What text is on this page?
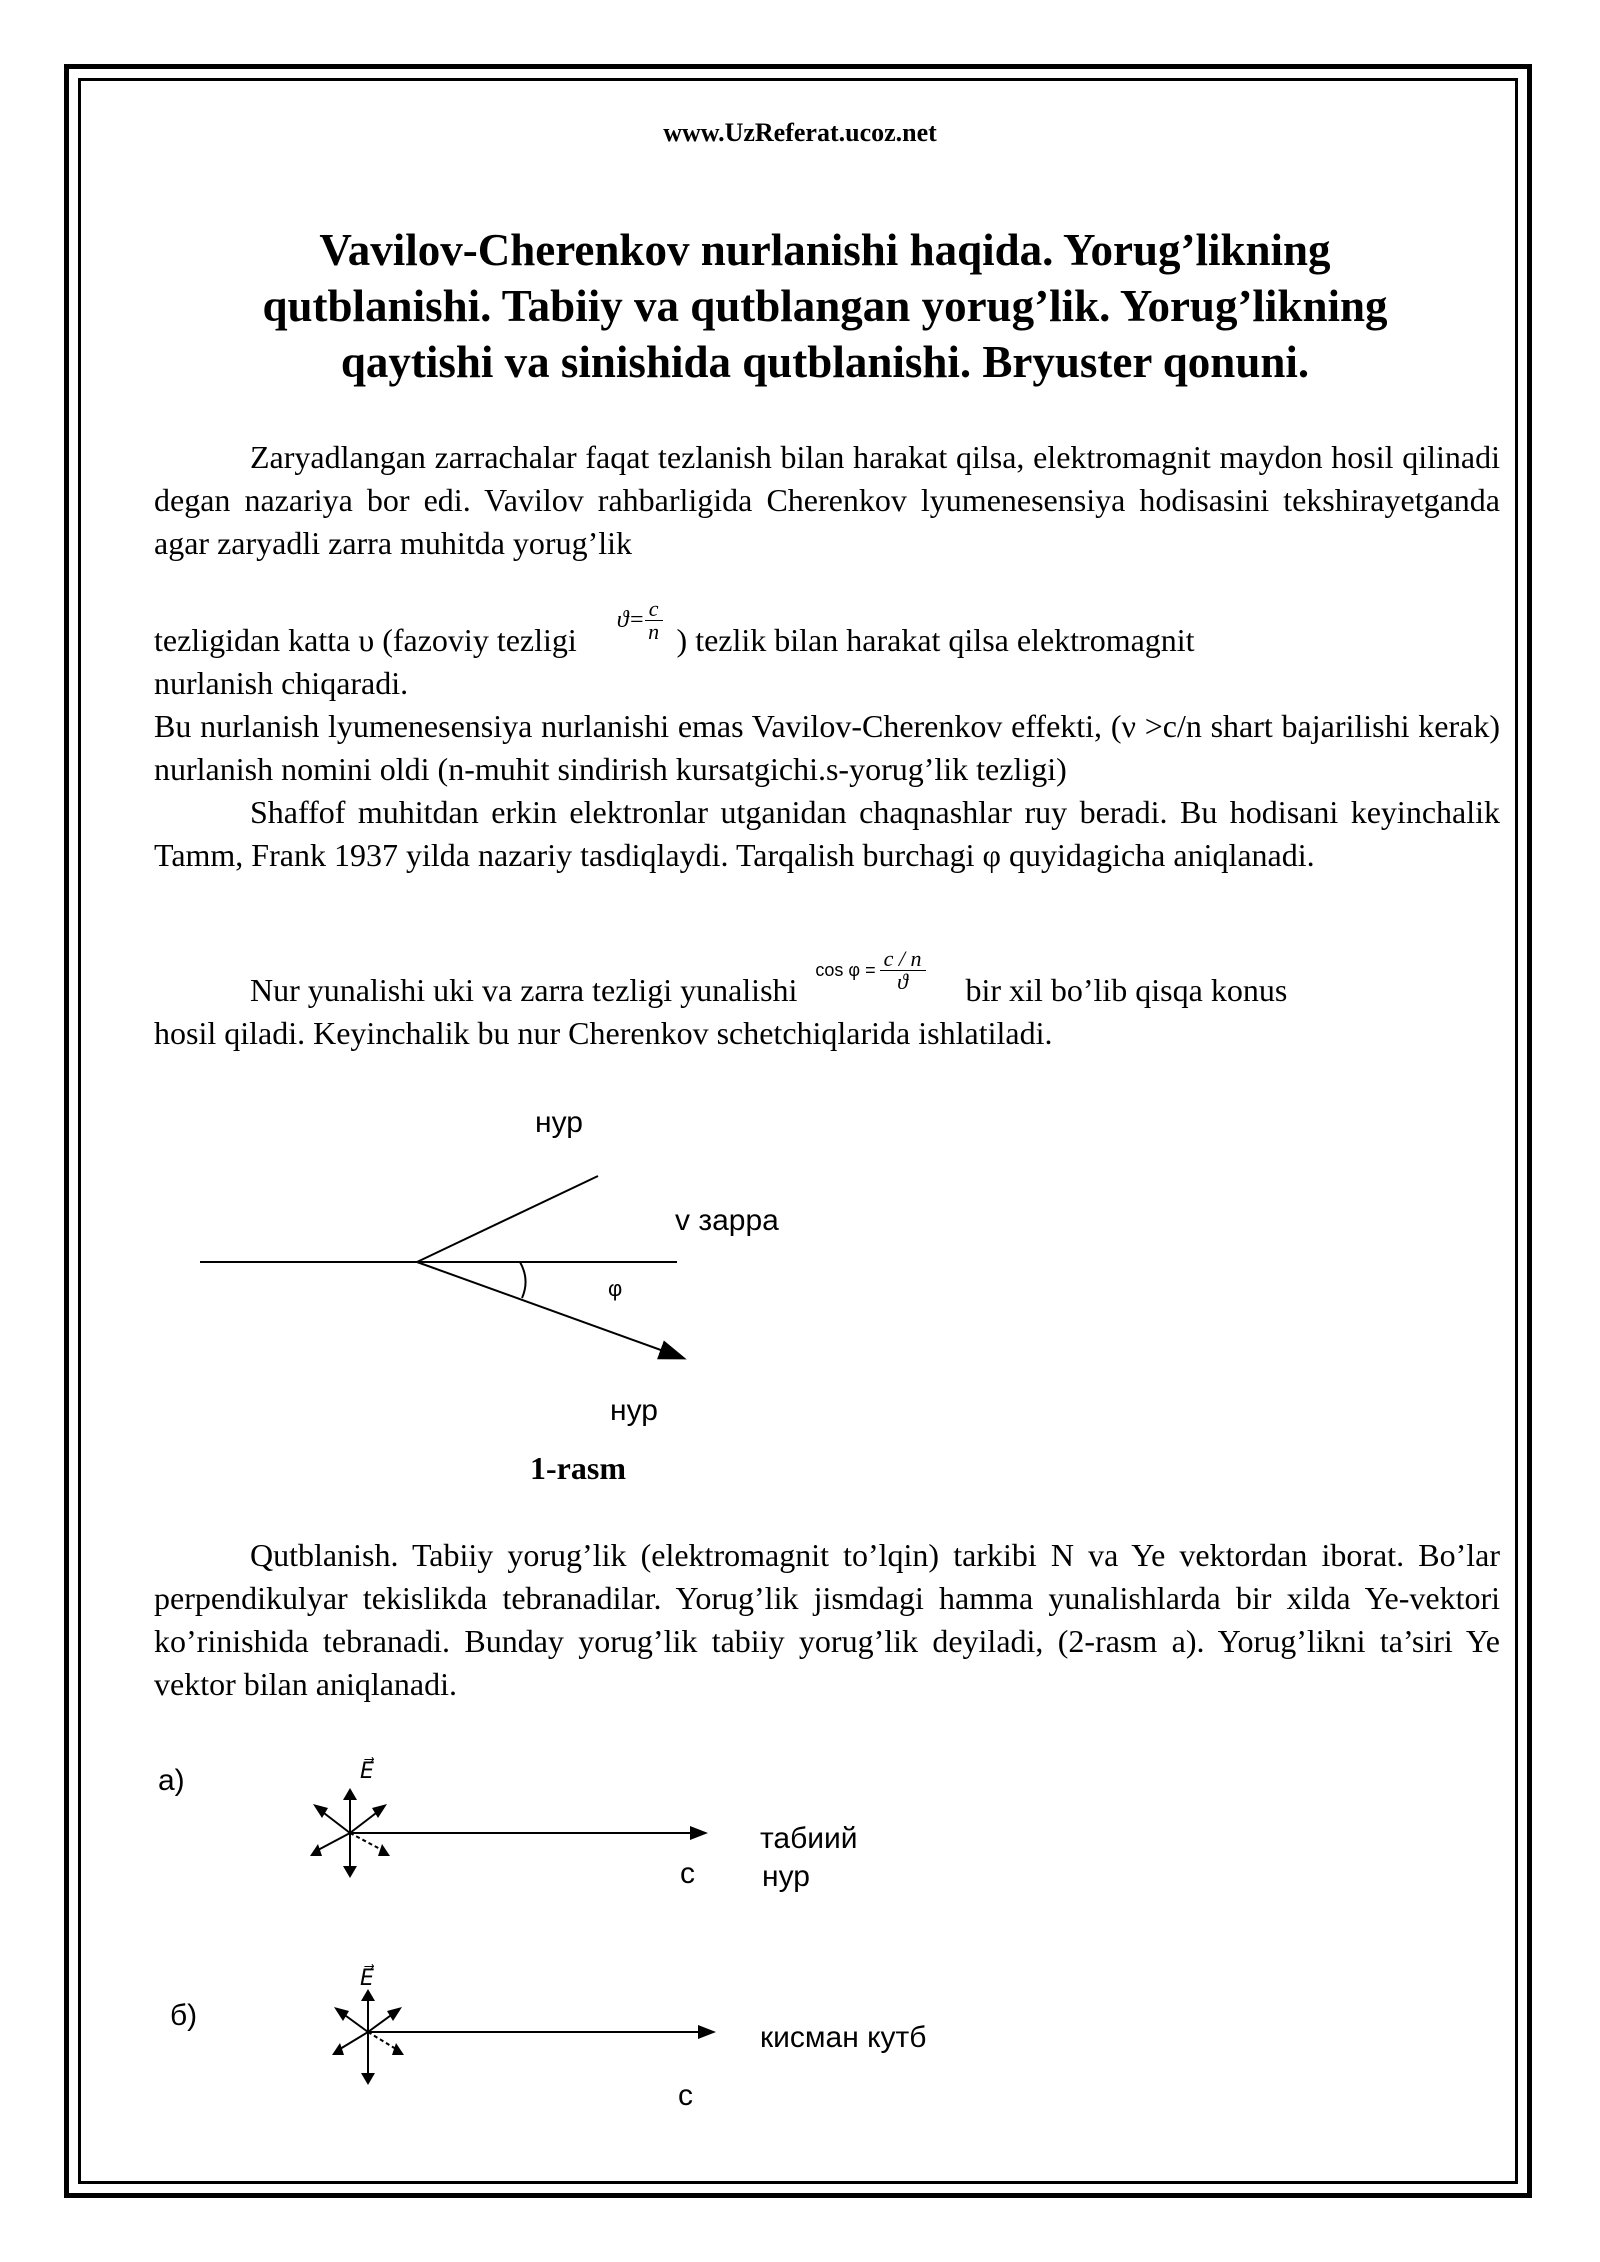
www.UzReferat.ucoz.net
Vavilov-Cherenkov nurlanishi haqida. Yorug’likning
qutblanishi. Tabiiy va qutblangan yorug’lik. Yorug’likning
qaytishi va sinishida qutblanishi. Bryuster qonuni.
Zaryadlangan zarrachalar faqat tezlanish bilan harakat qilsa, elektromagnit maydon hosil qilinadi degan nazariya bor edi. Vavilov rahbarligida Cherenkov lyumenesensiya hodisasini tekshirayetganda agar zaryadli zarra muhitda yorug’lik
tezligidan katta υ (fazoviy tezligi
$ϑ= \frac{c}{n}$ ) tezlik bilan harakat qilsa elektromagnit
nurlanish chiqaradi.
Bu nurlanish lyumenesensiya nurlanishi emas Vavilov-Cherenkov effekti, (ν >c/n shart bajarilishi kerak) nurlanish nomini oldi (n-muhit sindirish kursatgichi.s-yorug’lik tezligi)
Shaffof muhitdan erkin elektronlar utganidan chaqnashlar ruy beradi. Bu hodisani keyinchalik Tamm, Frank 1937 yilda nazariy tasdiqlaydi. Tarqalish burchagi φ quyidagicha aniqlanadi.
Nur yunalishi uki va zarra tezligi yunalishi
$\cos \varphi = \frac{c / n}{ϑ}$ bir xil bo’lib qisqa konus
hosil qiladi. Keyinchalik bu nur Cherenkov schetchiqlarida ishlatiladi.
нур
v зарра
φ
нур
1-rasm
Qutblanish. Tabiiy yorug’lik (elektromagnit to’lqin) tarkibi N va Ye vektordan iborat. Bo’lar perpendikulyar tekislikda tebranadilar. Yorug’lik jismdagi hamma yunalishlarda bir xilda Ye-vektori ko’rinishida tebranadi. Bunday yorug’lik tabiiy yorug’lik deyiladi, (2-rasm a). Yorug’likni ta’siri Ye vektor bilan aniqlanadi.
а)	E⃗
c
табиий
нур
б)
E⃗
c
кисман кутб
